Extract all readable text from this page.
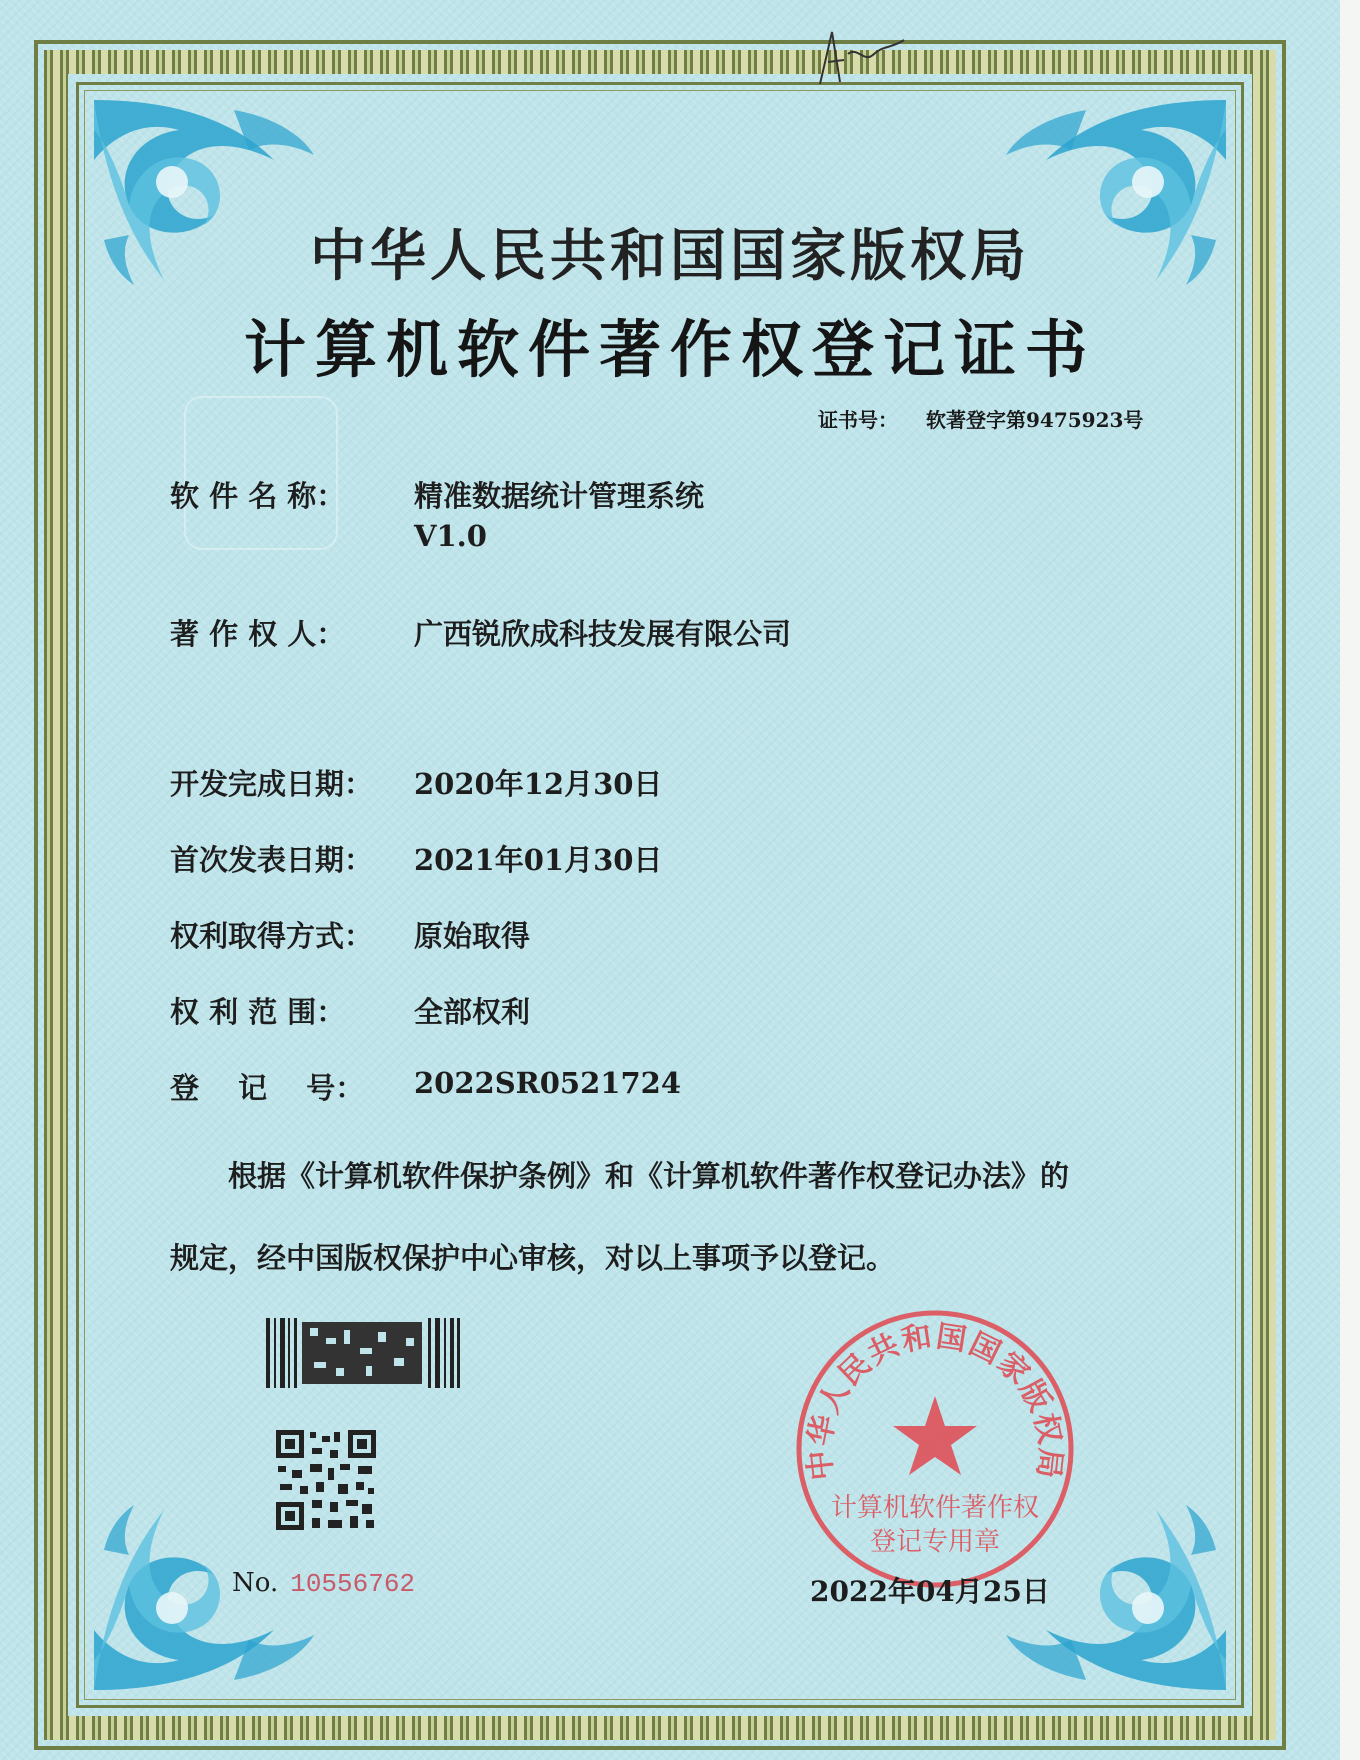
中华人民共和国国家版权局
计算机软件著作权登记证书
证书号： 软著登字第9475923号
软 件 名 称： 精准数据统计管理系统
V1.0
著 作 权 人： 广西锐欣成科技发展有限公司
开发完成日期： 2020年12月30日
首次发表日期： 2021年01月30日
权利取得方式： 原始取得
权 利 范 围： 全部权利
登　 记　 号： 2022SR0521724
根据《计算机软件保护条例》和《计算机软件著作权登记办法》的
规定，经中国版权保护中心审核，对以上事项予以登记。
No. 10556762
中华人民共和国国家版权局
计算机软件著作权
登记专用章
2022年04月25日
